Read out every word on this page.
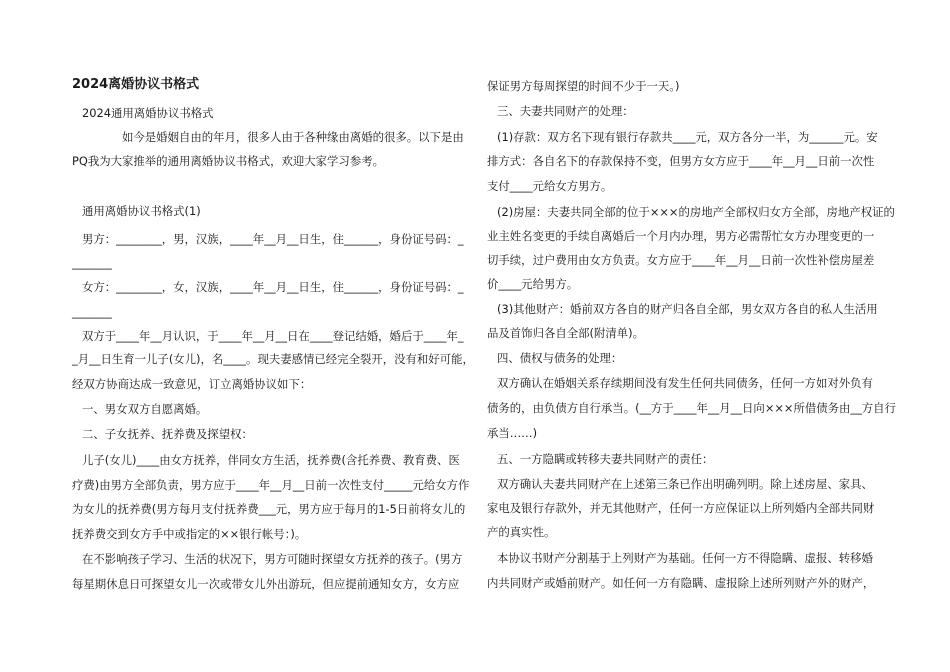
2024离婚协议书格式
2024通用离婚协议书格式
如今是婚姻自由的年月，很多人由于各种缘由离婚的很多。以下是由
PQ我为大家推举的通用离婚协议书格式，欢迎大家学习参考。
通用离婚协议书格式(1)
男方：________，男，汉族，____年__月__日生，住______，身份证号码：_
_______
女方：________，女，汉族，____年__月__日生，住______，身份证号码：_
_______
双方于____年__月认识，于____年__月__日在____登记结婚，婚后于____年_
_月__日生育一儿子(女儿)，名____。现夫妻感情已经完全裂开，没有和好可能，
经双方协商达成一致意见，订立离婚协议如下：
一、男女双方自愿离婚。
二、子女抚养、抚养费及探望权：
儿子(女儿)____由女方抚养，伴同女方生活，抚养费(含托养费、教育费、医
疗费)由男方全部负责，男方应于____年__月__日前一次性支付_____元给女方作
为女儿的抚养费(男方每月支付抚养费___元，男方应于每月的1-5日前将女儿的
抚养费交到女方手中或指定的××银行帐号：)。
在不影响孩子学习、生活的状况下，男方可随时探望女方抚养的孩子。(男方
每星期休息日可探望女儿一次或带女儿外出游玩，但应提前通知女方，女方应
保证男方每周探望的时间不少于一天。)
三、夫妻共同财产的处理：
(1)存款：双方名下现有银行存款共____元，双方各分一半，为______元。安
排方式：各自名下的存款保持不变，但男方女方应于____年__月__日前一次性
支付____元给女方男方。
(2)房屋：夫妻共同全部的位于×××的房地产全部权归女方全部，房地产权证的
业主姓名变更的手续自离婚后一个月内办理，男方必需帮忙女方办理变更的一
切手续，过户费用由女方负责。女方应于____年__月__日前一次性补偿房屋差
价____元给男方。
(3)其他财产：婚前双方各自的财产归各自全部，男女双方各自的私人生活用
品及首饰归各自全部(附清单)。
四、债权与债务的处理：
双方确认在婚姻关系存续期间没有发生任何共同债务，任何一方如对外负有
债务的，由负债方自行承当。(__方于____年__月__日向×××所借债务由__方自行
承当……)
五、一方隐瞒或转移夫妻共同财产的责任：
双方确认夫妻共同财产在上述第三条已作出明确列明。除上述房屋、家具、
家电及银行存款外，并无其他财产，任何一方应保证以上所列婚内全部共同财
产的真实性。
本协议书财产分割基于上列财产为基础。任何一方不得隐瞒、虚报、转移婚
内共同财产或婚前财产。如任何一方有隐瞒、虚报除上述所列财产外的财产，
